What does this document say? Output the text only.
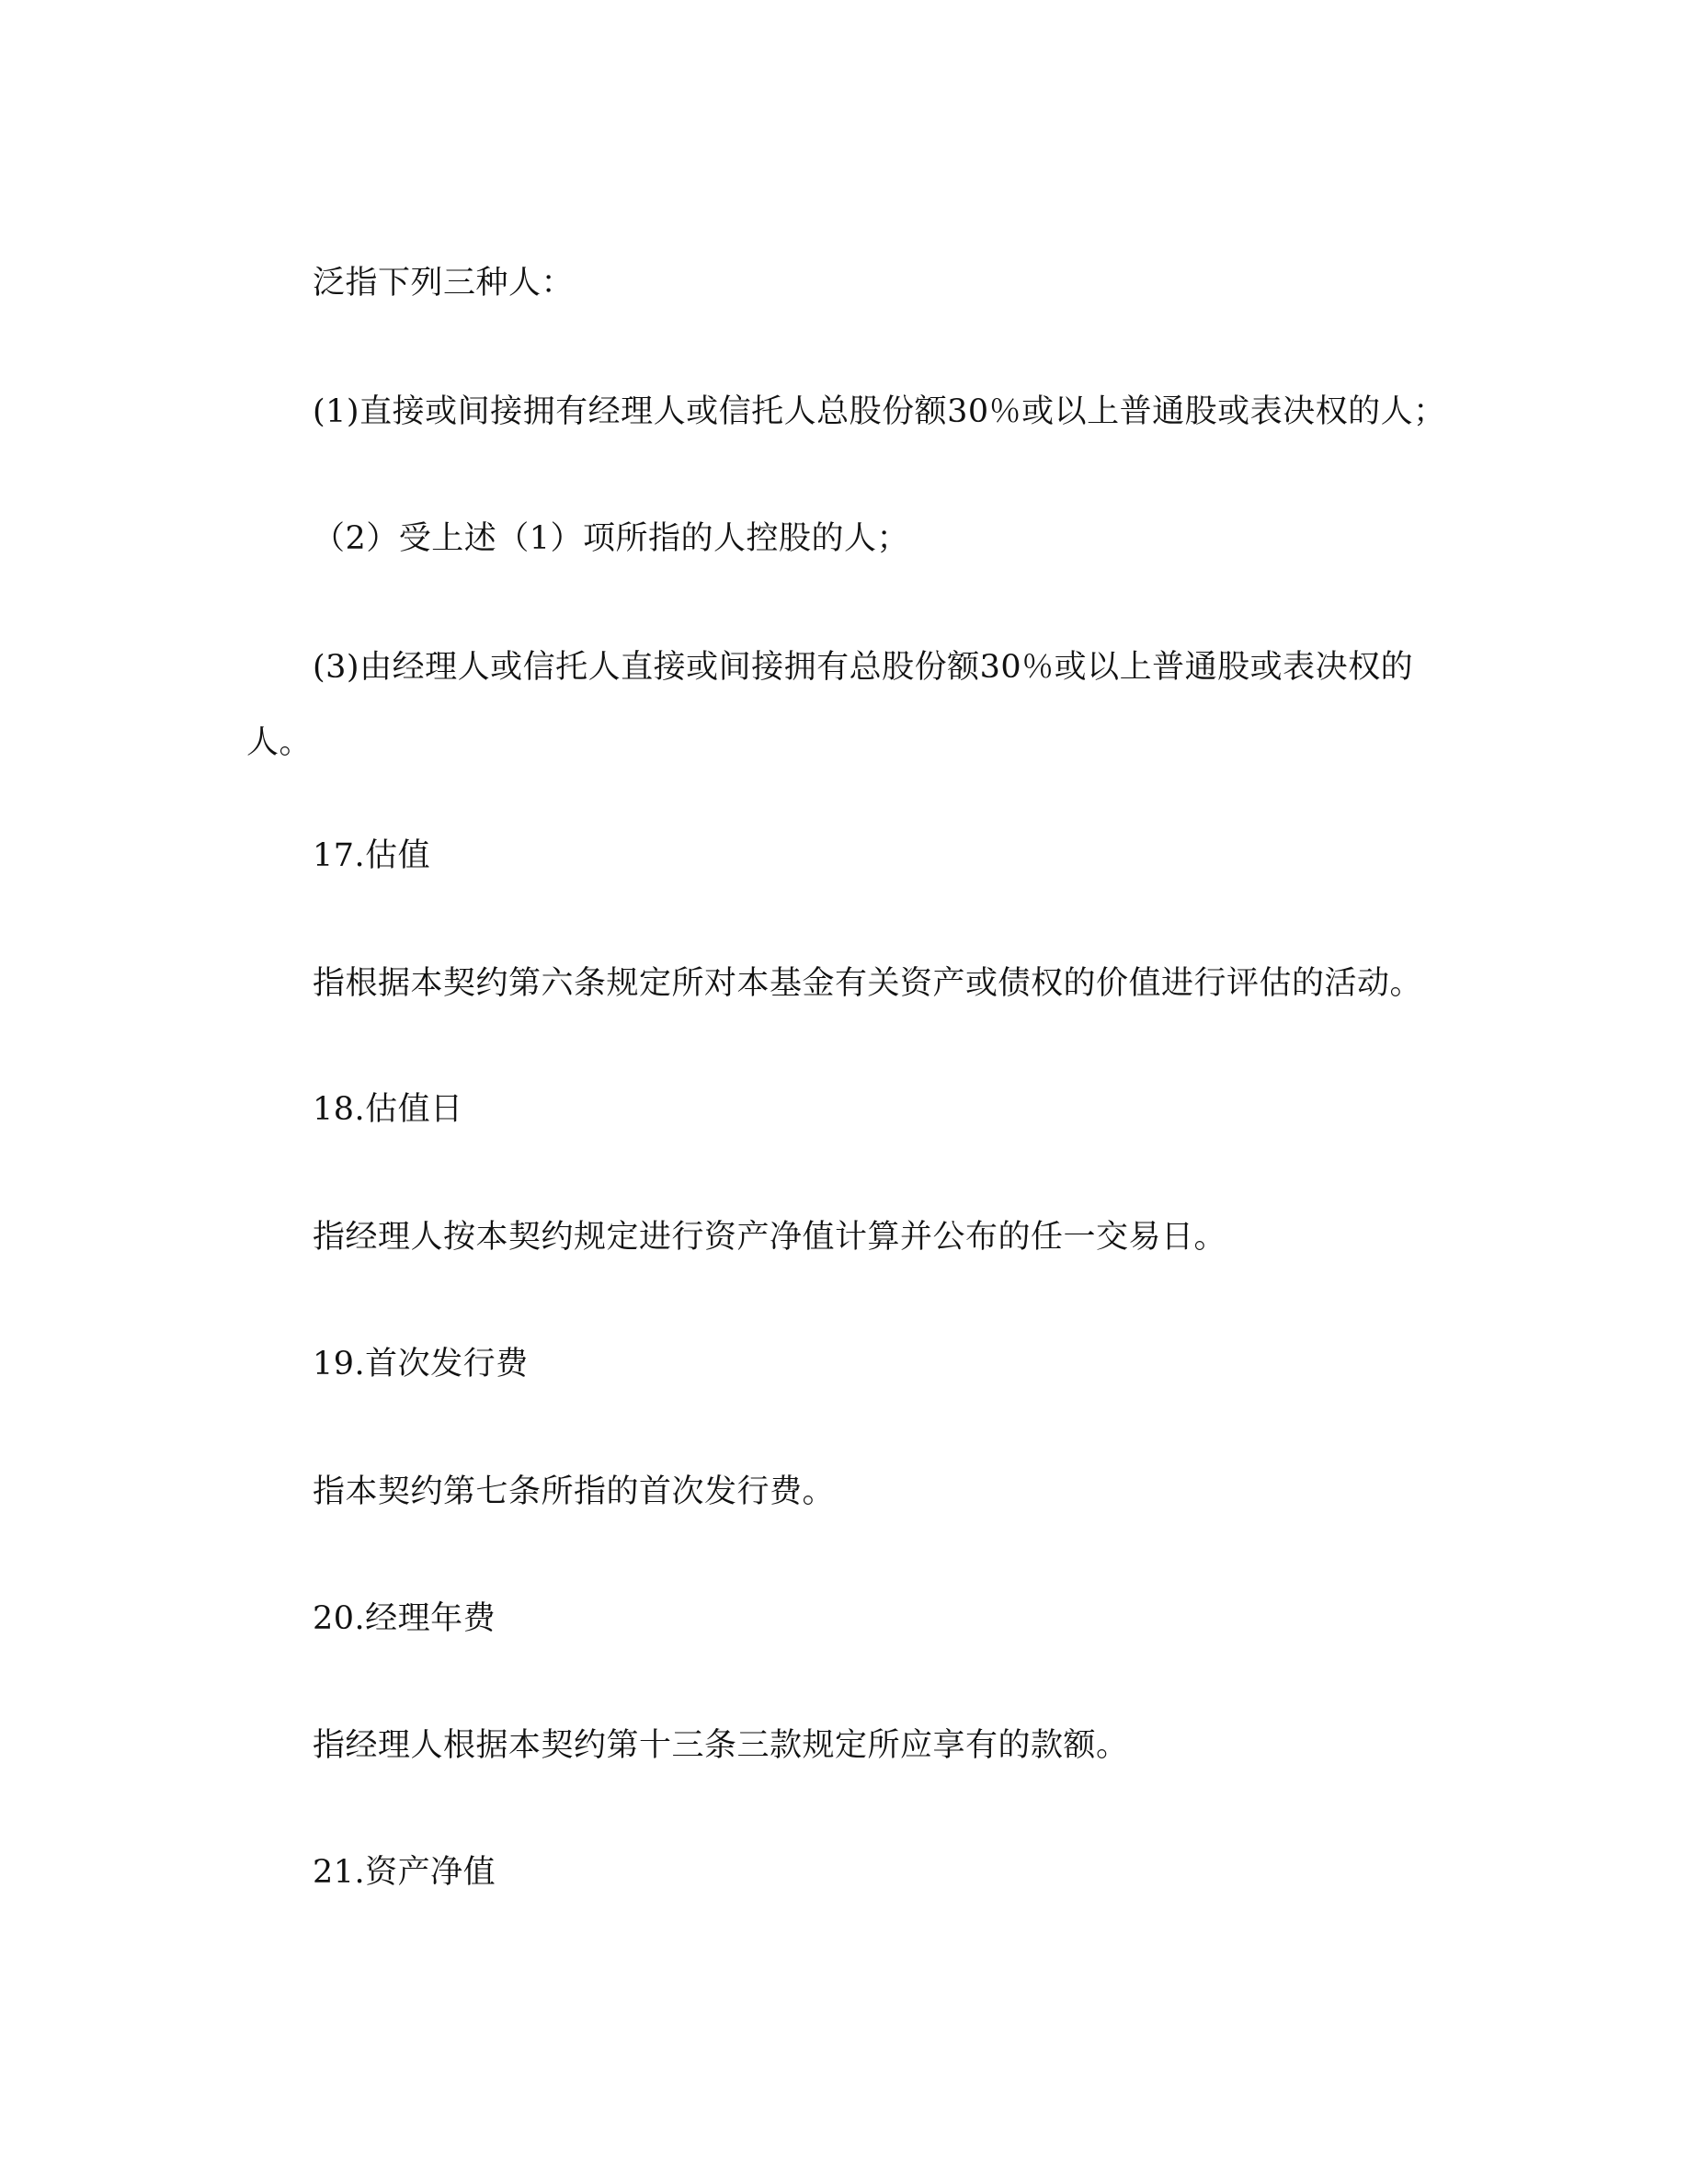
泛指下列三种人：
(1)直接或间接拥有经理人或信托人总股份额30％或以上普通股或表决权的人；
（2）受上述（1）项所指的人控股的人；
(3)由经理人或信托人直接或间接拥有总股份额30％或以上普通股或表决权的人。
17.估值
指根据本契约第六条规定所对本基金有关资产或债权的价值进行评估的活动。
18.估值日
指经理人按本契约规定进行资产净值计算并公布的任一交易日。
19.首次发行费
指本契约第七条所指的首次发行费。
20.经理年费
指经理人根据本契约第十三条三款规定所应享有的款额。
21.资产净值
